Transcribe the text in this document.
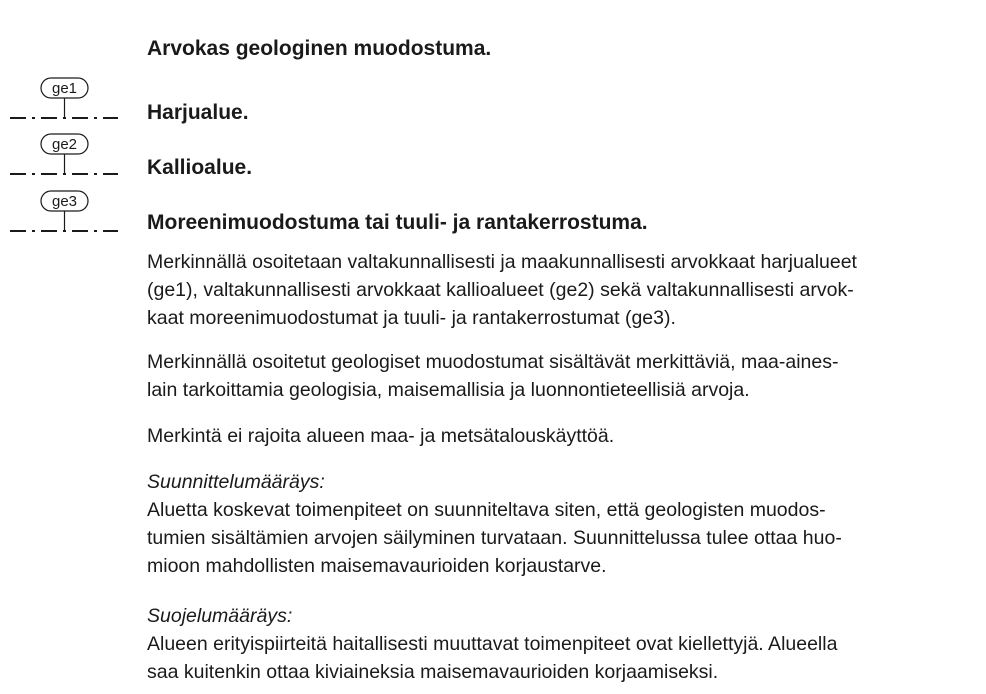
Arvokas geologinen muodostuma.
ge1
Harjualue.
ge2
Kallioalue.
ge3
Moreenimuodostuma tai tuuli- ja rantakerrostuma.

Merkinnällä osoitetaan valtakunnallisesti ja maakunnallisesti arvokkaat harjualueet

(ge1), valtakunnallisesti arvokkaat kallioalueet (ge2) sekä valtakunnallisesti arvok-

kaat moreenimuodostumat ja tuuli- ja rantakerrostumat (ge3).

Merkinnällä osoitetut geologiset muodostumat sisältävät merkittäviä, maa-aines-
lain tarkoittamia geologisia, maisemallisia ja luonnontieteellisiä arvoja.
Merkintä ei rajoita alueen maa- ja metsätalouskäyttöä.
Suunnittelumääräys:
Aluetta koskevat toimenpiteet on suunniteltava siten, että geologisten muodos-
tumien sisältämien arvojen säilyminen turvataan. Suunnittelussa tulee ottaa huo-
mioon mahdollisten maisemavaurioiden korjaustarve.
Suojelumääräys:
Alueen erityispiirteitä haitallisesti muuttavat toimenpiteet ovat kiellettyjä. Alueella
saa kuitenkin ottaa kiviaineksia maisemavaurioiden korjaamiseksi.
